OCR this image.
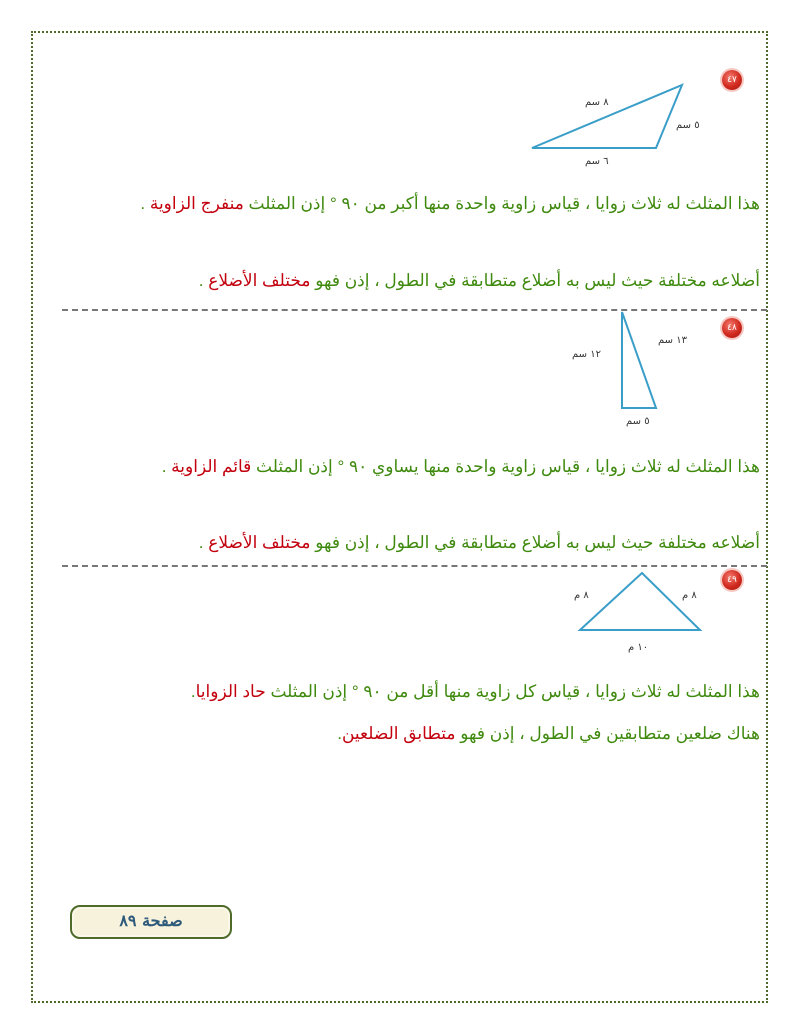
٤٧
٨ سم
٥ سم
٦ سم

هذا المثلث له ثلاث زوايا ، قياس زاوية واحدة منها أكبر من ٩٠ ° إذن المثلث منفرج الزاوية .

أضلاعه مختلفة حيث ليس به أضلاع متطابقة في الطول ، إذن فهو مختلف الأضلاع .

٤٨
١٢ سم
١٣ سم
٥ سم

هذا المثلث له ثلاث زوايا ، قياس زاوية واحدة منها يساوي ٩٠ ° إذن المثلث قائم الزاوية .

أضلاعه مختلفة حيث ليس به أضلاع متطابقة في الطول ، إذن فهو مختلف الأضلاع .

٤٩
٨ م	٨ م
١٠ م

هذا المثلث له ثلاث زوايا ، قياس كل زاوية منها أقل من ٩٠ ° إذن المثلث حاد الزوايا.

هناك ضلعين متطابقين في الطول ، إذن فهو متطابق الضلعين.

صفحة ٨٩
